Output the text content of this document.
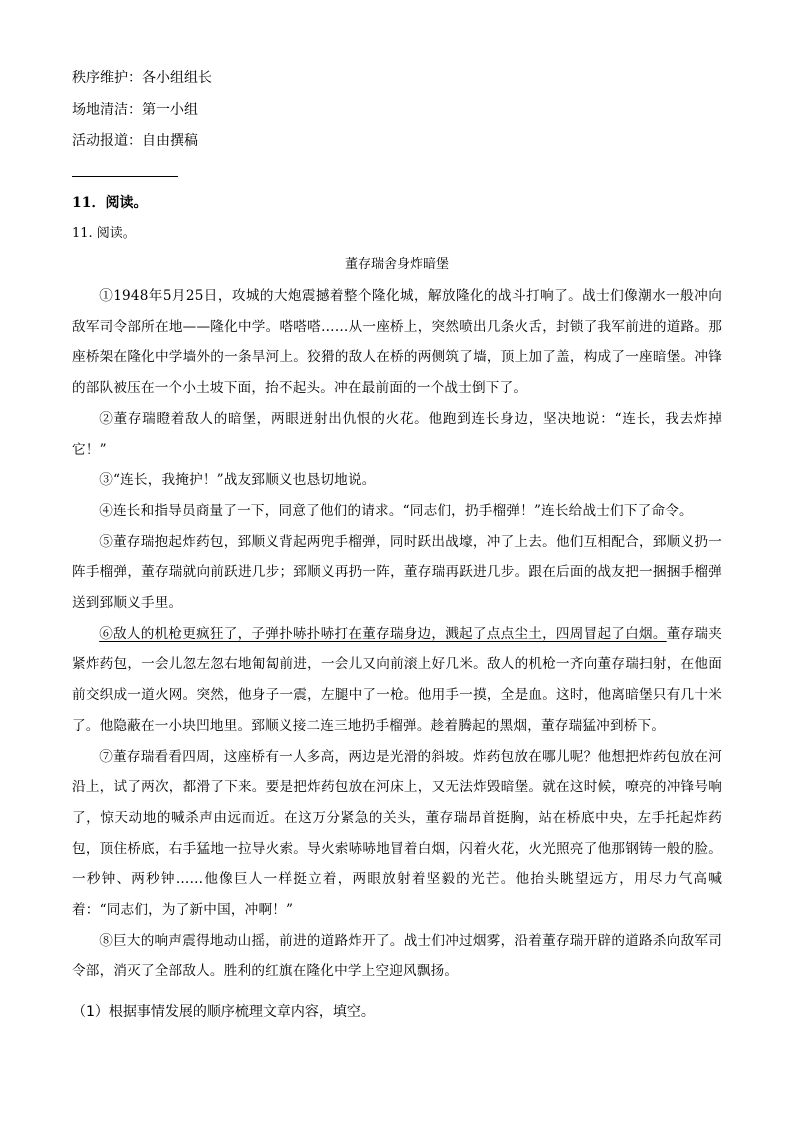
秩序维护：各小组组长
场地清洁：第一小组
活动报道：自由撰稿
11．阅读。
11. 阅读。
董存瑞舍身炸暗堡

①1948年5月25日，攻城的大炮震撼着整个隆化城，解放隆化的战斗打响了。战士们像潮水一般冲向敌军司令部所在地——隆化中学。嗒嗒嗒……从一座桥上，突然喷出几条火舌，封锁了我军前进的道路。那座桥架在隆化中学墙外的一条旱河上。狡猾的敌人在桥的两侧筑了墙，顶上加了盖，构成了一座暗堡。冲锋的部队被压在一个小土坡下面，抬不起头。冲在最前面的一个战士倒下了。

②董存瑞瞪着敌人的暗堡，两眼迸射出仇恨的火花。他跑到连长身边，坚决地说：“连长，我去炸掉它！”

③“连长，我掩护！”战友郅顺义也恳切地说。

④连长和指导员商量了一下，同意了他们的请求。“同志们，扔手榴弹！”连长给战士们下了命令。

⑤董存瑞抱起炸药包，郅顺义背起两兜手榴弹，同时跃出战壕，冲了上去。他们互相配合，郅顺义扔一阵手榴弹，董存瑞就向前跃进几步；郅顺义再扔一阵，董存瑞再跃进几步。跟在后面的战友把一捆捆手榴弹送到郅顺义手里。

⑥敌人的机枪更疯狂了，子弹扑哧扑哧打在董存瑞身边，溅起了点点尘土，四周冒起了白烟。董存瑞夹紧炸药包，一会儿忽左忽右地匍匐前进，一会儿又向前滚上好几米。敌人的机枪一齐向董存瑞扫射，在他面前交织成一道火网。突然，他身子一震，左腿中了一枪。他用手一摸，全是血。这时，他离暗堡只有几十米了。他隐蔽在一小块凹地里。郅顺义接二连三地扔手榴弹。趁着腾起的黑烟，董存瑞猛冲到桥下。

⑦董存瑞看看四周，这座桥有一人多高，两边是光滑的斜坡。炸药包放在哪儿呢？他想把炸药包放在河沿上，试了两次，都滑了下来。要是把炸药包放在河床上，又无法炸毁暗堡。就在这时候，嘹亮的冲锋号响了，惊天动地的喊杀声由远而近。在这万分紧急的关头，董存瑞昂首挺胸，站在桥底中央，左手托起炸药包，顶住桥底，右手猛地一拉导火索。导火索哧哧地冒着白烟，闪着火花，火光照亮了他那钢铸一般的脸。一秒钟、两秒钟……他像巨人一样挺立着，两眼放射着坚毅的光芒。他抬头眺望远方，用尽力气高喊着：“同志们，为了新中国，冲啊！”

⑧巨大的响声震得地动山摇，前进的道路炸开了。战士们冲过烟雾，沿着董存瑞开辟的道路杀向敌军司令部，消灭了全部敌人。胜利的红旗在隆化中学上空迎风飘扬。

（1）根据事情发展的顺序梳理文章内容，填空。
